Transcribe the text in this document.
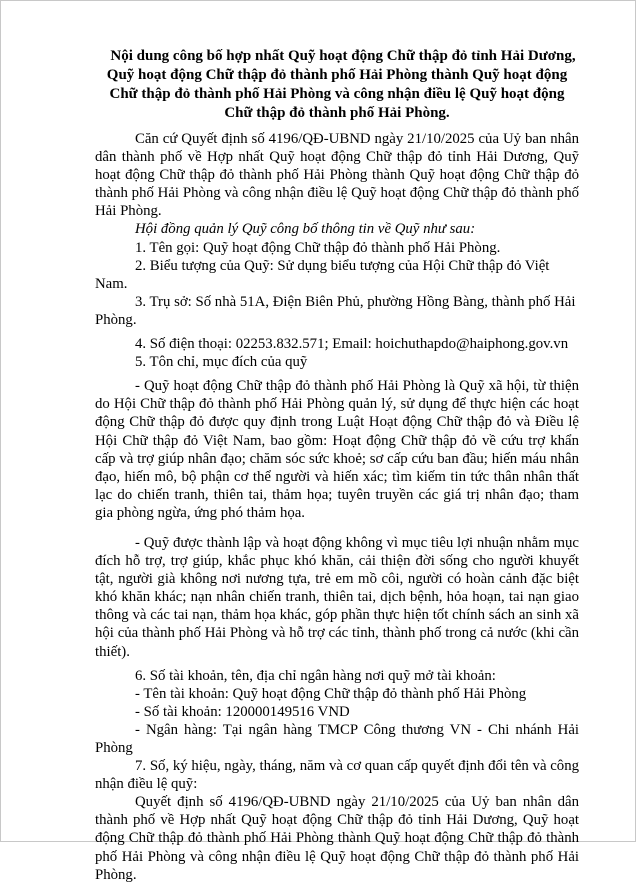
Nội dung công bố hợp nhất Quỹ hoạt động Chữ thập đỏ tỉnh Hải Dương, Quỹ hoạt động Chữ thập đỏ thành phố Hải Phòng thành Quỹ hoạt động Chữ thập đỏ thành phố Hải Phòng và công nhận điều lệ Quỹ hoạt động Chữ thập đỏ thành phố Hải Phòng.

Căn cứ Quyết định số 4196/QĐ-UBND ngày 21/10/2025 của Uỷ ban nhân dân thành phố về Hợp nhất Quỹ hoạt động Chữ thập đỏ tỉnh Hải Dương, Quỹ hoạt động Chữ thập đỏ thành phố Hải Phòng thành Quỹ hoạt động Chữ thập đỏ thành phố Hải Phòng và công nhận điều lệ Quỹ hoạt động Chữ thập đỏ thành phố Hải Phòng.

Hội đồng quản lý Quỹ công bố thông tin về Quỹ như sau:

1. Tên gọi: Quỹ hoạt động Chữ thập đỏ thành phố Hải Phòng.

2. Biểu tượng của Quỹ: Sử dụng biểu tượng của Hội Chữ thập đỏ Việt Nam.

3. Trụ sở: Số nhà 51A, Điện Biên Phủ, phường Hồng Bàng, thành phố Hải Phòng.

4. Số điện thoại: 02253.832.571; Email: hoichuthapdo@haiphong.gov.vn

5. Tôn chỉ, mục đích của quỹ

- Quỹ hoạt động Chữ thập đỏ thành phố Hải Phòng là Quỹ xã hội, từ thiện do Hội Chữ thập đỏ thành phố Hải Phòng quản lý, sử dụng để thực hiện các hoạt động Chữ thập đỏ được quy định trong Luật Hoạt động Chữ thập đỏ và Điều lệ Hội Chữ thập đỏ Việt Nam, bao gồm: Hoạt động Chữ thập đỏ về cứu trợ khẩn cấp và trợ giúp nhân đạo; chăm sóc sức khoẻ; sơ cấp cứu ban đầu; hiến máu nhân đạo, hiến mô, bộ phận cơ thể người và hiến xác; tìm kiếm tin tức thân nhân thất lạc do chiến tranh, thiên tai, thảm họa; tuyên truyền các giá trị nhân đạo; tham gia phòng ngừa, ứng phó thảm họa.

- Quỹ được thành lập và hoạt động không vì mục tiêu lợi nhuận nhằm mục đích hỗ trợ, trợ giúp, khắc phục khó khăn, cải thiện đời sống cho người khuyết tật, người già không nơi nương tựa, trẻ em mồ côi, người có hoàn cảnh đặc biệt khó khăn khác; nạn nhân chiến tranh, thiên tai, dịch bệnh, hỏa hoạn, tai nạn giao thông và các tai nạn, thảm họa khác, góp phần thực hiện tốt chính sách an sinh xã hội của thành phố Hải Phòng và hỗ trợ các tỉnh, thành phố trong cả nước (khi cần thiết).

6. Số tài khoản, tên, địa chỉ ngân hàng nơi quỹ mở tài khoản:

- Tên tài khoản: Quỹ hoạt động Chữ thập đỏ thành phố Hải Phòng

- Số tài khoản: 120000149516 VND

- Ngân hàng: Tại ngân hàng TMCP Công thương VN - Chi nhánh Hải Phòng

7. Số, ký hiệu, ngày, tháng, năm và cơ quan cấp quyết định đổi tên và công nhận điều lệ quỹ:

Quyết định số 4196/QĐ-UBND ngày 21/10/2025 của Uỷ ban nhân dân thành phố về Hợp nhất Quỹ hoạt động Chữ thập đỏ tỉnh Hải Dương, Quỹ hoạt động Chữ thập đỏ thành phố Hải Phòng thành Quỹ hoạt động Chữ thập đỏ thành phố Hải Phòng và công nhận điều lệ Quỹ hoạt động Chữ thập đỏ thành phố Hải Phòng.
